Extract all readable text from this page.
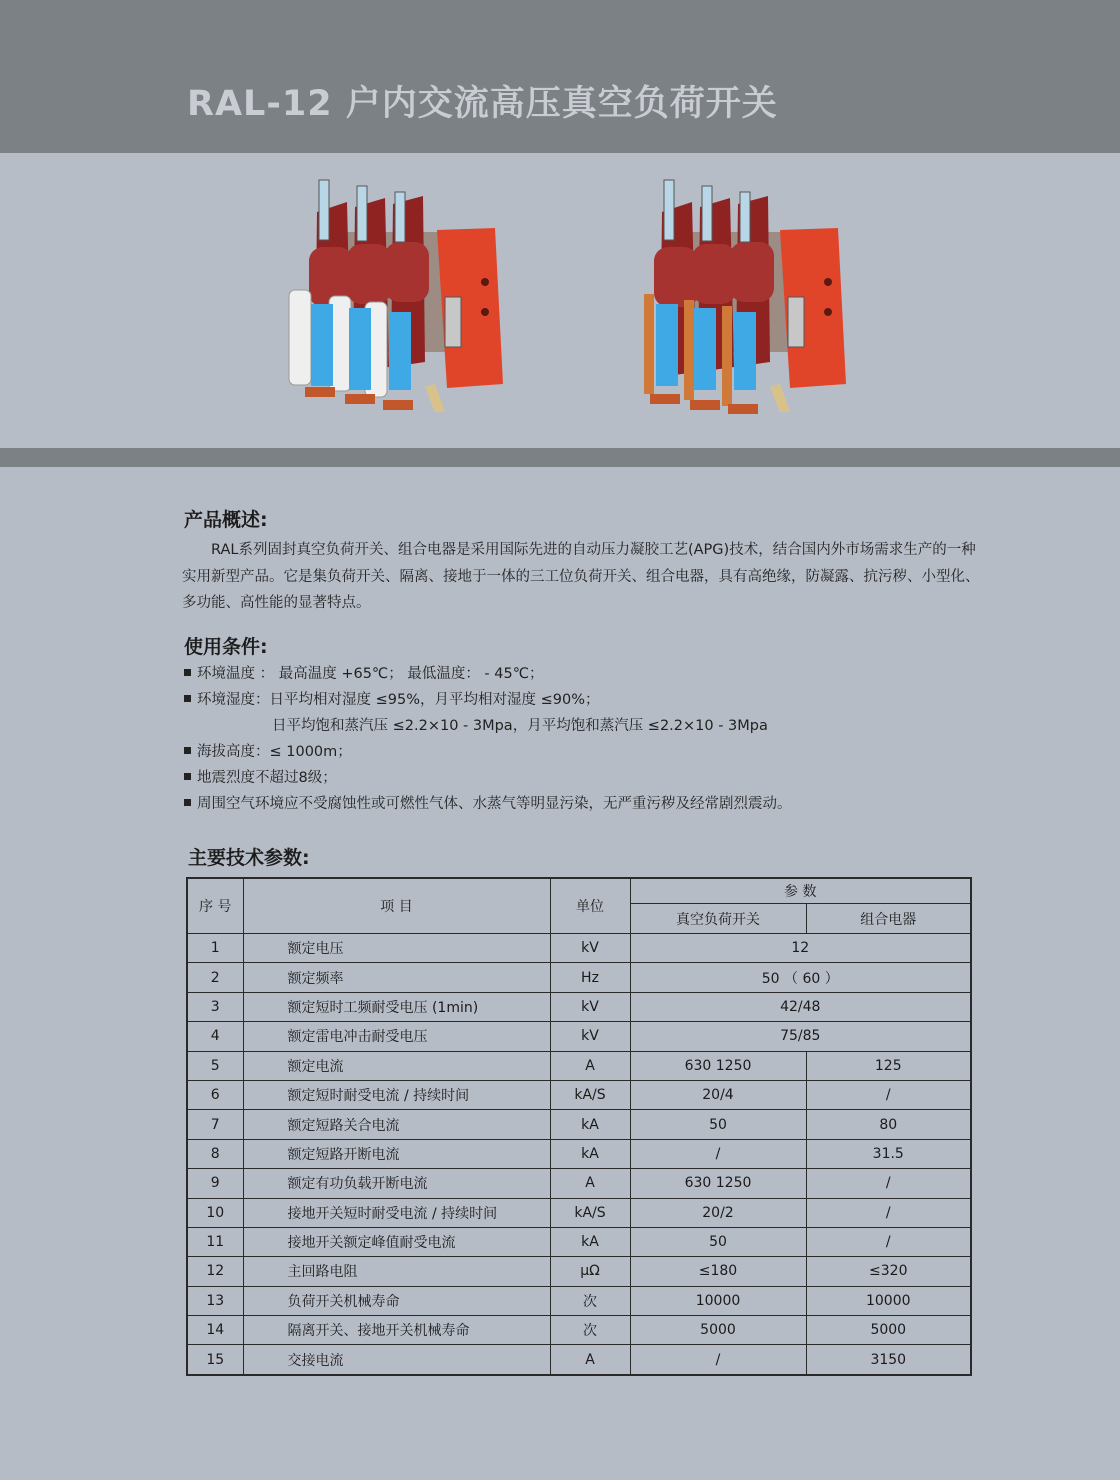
RAL-12 户内交流高压真空负荷开关
产品概述:

RAL系列固封真空负荷开关、组合电器是采用国际先进的自动压力凝胶工艺(APG)技术，结合国内外市场需求生产的一种实用新型产品。它是集负荷开关、隔离、接地于一体的三工位负荷开关、组合电器，具有高绝缘，防凝露、抗污秽、小型化、多功能、高性能的显著特点。

使用条件:
环境温度 ： 最高温度 +65℃； 最低温度： - 45℃；
环境湿度：日平均相对湿度 ≤95%，月平均相对湿度 ≤90%；
日平均饱和蒸汽压 ≤2.2×10 - 3Mpa，月平均饱和蒸汽压 ≤2.2×10 - 3Mpa
海拔高度：≤ 1000m；
地震烈度不超过8级；
周围空气环境应不受腐蚀性或可燃性气体、水蒸气等明显污染，无严重污秽及经常剧烈震动。
主要技术参数:
序 号	项 目	单位	参 数	
			真空负荷开关	组合电器
1	额定电压	kV	12	
2	额定频率	Hz	50 （ 60 ）	
3	额定短时工频耐受电压 (1min)	kV	42/48	
4	额定雷电冲击耐受电压	kV	75/85	
5	额定电流	A	630 1250	125
6	额定短时耐受电流 / 持续时间	kA/S	20/4	/
7	额定短路关合电流	kA	50	80
8	额定短路开断电流	kA	/	31.5
9	额定有功负载开断电流	A	630 1250	/
10	接地开关短时耐受电流 / 持续时间	kA/S	20/2	/
11	接地开关额定峰值耐受电流	kA	50	/
12	主回路电阻	μΩ	≤180	≤320
13	负荷开关机械寿命	次	10000	10000
14	隔离开关、接地开关机械寿命	次	5000	5000
15	交接电流	A	/	3150
